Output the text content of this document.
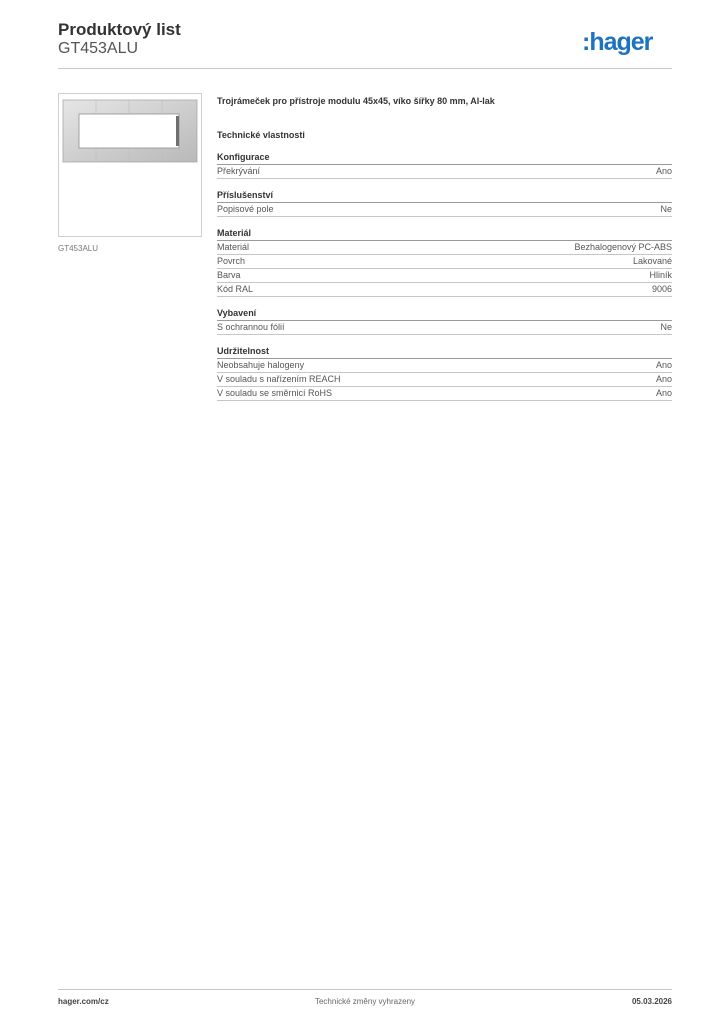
Produktový list
GT453ALU	:hager
GT453ALU
Trojrámeček pro přístroje modulu 45x45, víko šířky 80 mm, Al-lak
Technické vlastnosti
Konfigurace
Překrývání	Ano
Příslušenství
Popisové pole	Ne
Materiál
Materiál	Bezhalogenový PC-ABS
Povrch	Lakované
Barva	Hliník
Kód RAL	9006
Vybavení
S ochrannou fólií	Ne
Udržitelnost
Neobsahuje halogeny	Ano
V souladu s nařízením REACH	Ano
V souladu se směrnicí RoHS	Ano
hager.com/cz	Technické změny vyhrazeny	05.03.2026
